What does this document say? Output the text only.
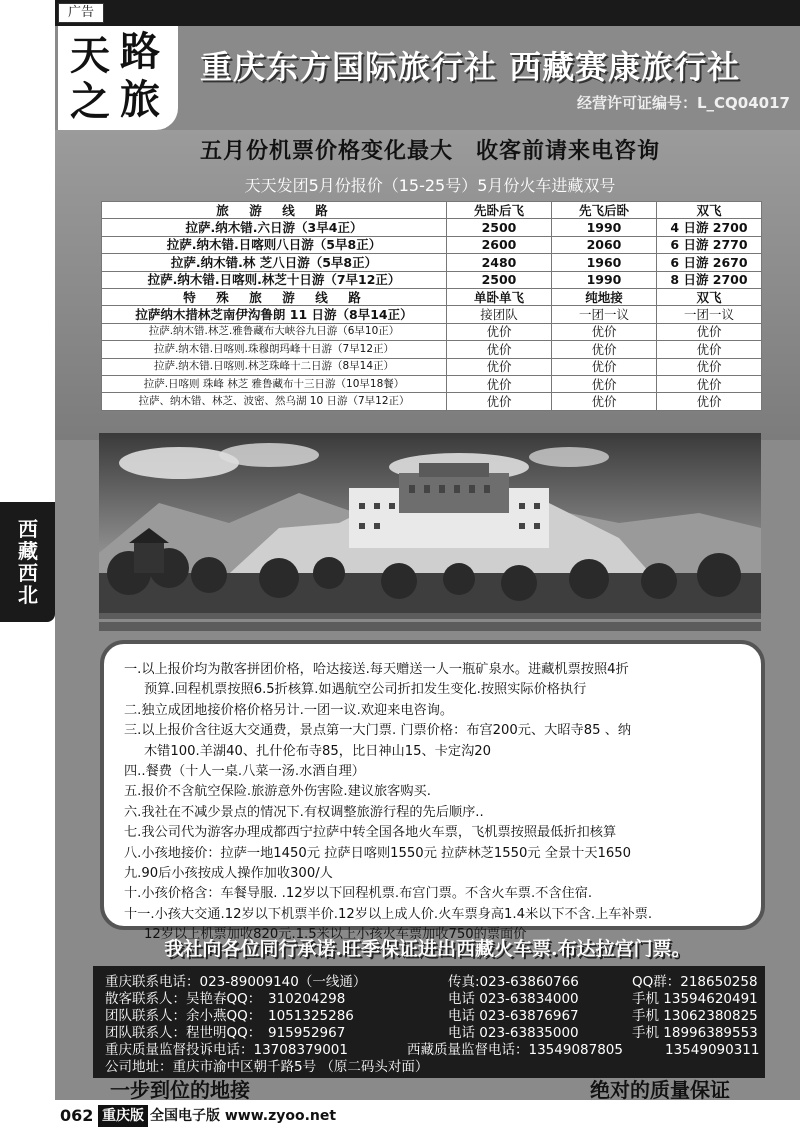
广告
天 路
之 旅
重庆东方国际旅行社 西藏赛康旅行社
经营许可证编号：L_CQ04017
五月份机票价格变化最大　收客前请来电咨询
天天发团5月份报价（15-25号）5月份火车进藏双号
旅　游　线　路	先卧后飞	先飞后卧	双飞
拉萨.纳木错.六日游（3早4正）	2500	1990	4 日游 2700
拉萨.纳木错.日喀则八日游（5早8正）	2600	2060	6 日游 2770
拉萨.纳木错.林 芝八日游（5早8正）	2480	1960	6 日游 2670
拉萨.纳木错.日喀则.林芝十日游（7早12正）	2500	1990	8 日游 2700
特　殊　旅　游　线　路	单卧单飞	纯地接	双飞
拉萨纳木措林芝南伊沟鲁朗 11 日游（8早14正）	接团队	一团一议	一团一议
拉萨.纳木错.林芝.雅鲁藏布大峡谷九日游（6早10正）	优价	优价	优价
拉萨.纳木错.日喀则.珠穆朗玛峰十日游（7早12正）	优价	优价	优价
拉萨.纳木错.日喀则.林芝珠峰十二日游（8早14正）	优价	优价	优价
拉萨.日喀则 珠峰 林芝 雅鲁藏布十三日游（10早18餐）	优价	优价	优价
拉萨、纳木错、林芝、波密、然乌湖 10 日游（7早12正）	优价	优价	优价
西
藏
西
北
一.以上报价均为散客拼团价格，哈达接送.每天赠送一人一瓶矿泉水。进藏机票按照4折
预算.回程机票按照6.5折核算.如遇航空公司折扣发生变化.按照实际价格执行
二.独立成团地接价格价格另计.一团一议.欢迎来电咨询。
三.以上报价含往返大交通费，景点第一大门票. 门票价格：布宫200元、大昭寺85 、纳
木错100.羊湖40、扎什伦布寺85，比日神山15、卡定沟20
四..餐费（十人一桌.八菜一汤.水酒自理）
五.报价不含航空保险.旅游意外伤害险.建议旅客购买.
六.我社在不减少景点的情况下.有权调整旅游行程的先后顺序..
七.我公司代为游客办理成都西宁拉萨中转全国各地火车票，飞机票按照最低折扣核算
八.小孩地接价：拉萨一地1450元 拉萨日喀则1550元 拉萨林芝1550元 全景十天1650
九.90后小孩按成人操作加收300/人
十.小孩价格含：车餐导服. .12岁以下回程机票.布宫门票。不含火车票.不含住宿.
十一.小孩大交通.12岁以下机票半价.12岁以上成人价.火车票身高1.4米以下不含.上车补票.
12岁以上机票加收820元.1.5米以上小孩火车票加收750的票面价
我社向各位同行承诺.旺季保证进出西藏火车票.布达拉宫门票。
重庆联系电话：023-89009140（一线通）	传真:023-63860766	QQ群：218650258
散客联系人：吴艳春QQ：　310204298	电话 023-63834000	手机 13594620491
团队联系人：余小燕QQ：　1051325286	电话 023-63876967	手机 13062380825
团队联系人：程世明QQ：　915952967	电话 023-63835000	手机 18996389553
重庆质量监督投诉电话：13708379001	西藏质量监督电话：13549087805	13549090311
公司地址：重庆市渝中区朝千路5号 （原二码头对面）
一步到位的地接	绝对的质量保证
062 重庆版 全国电子版 www.zyoo.net
